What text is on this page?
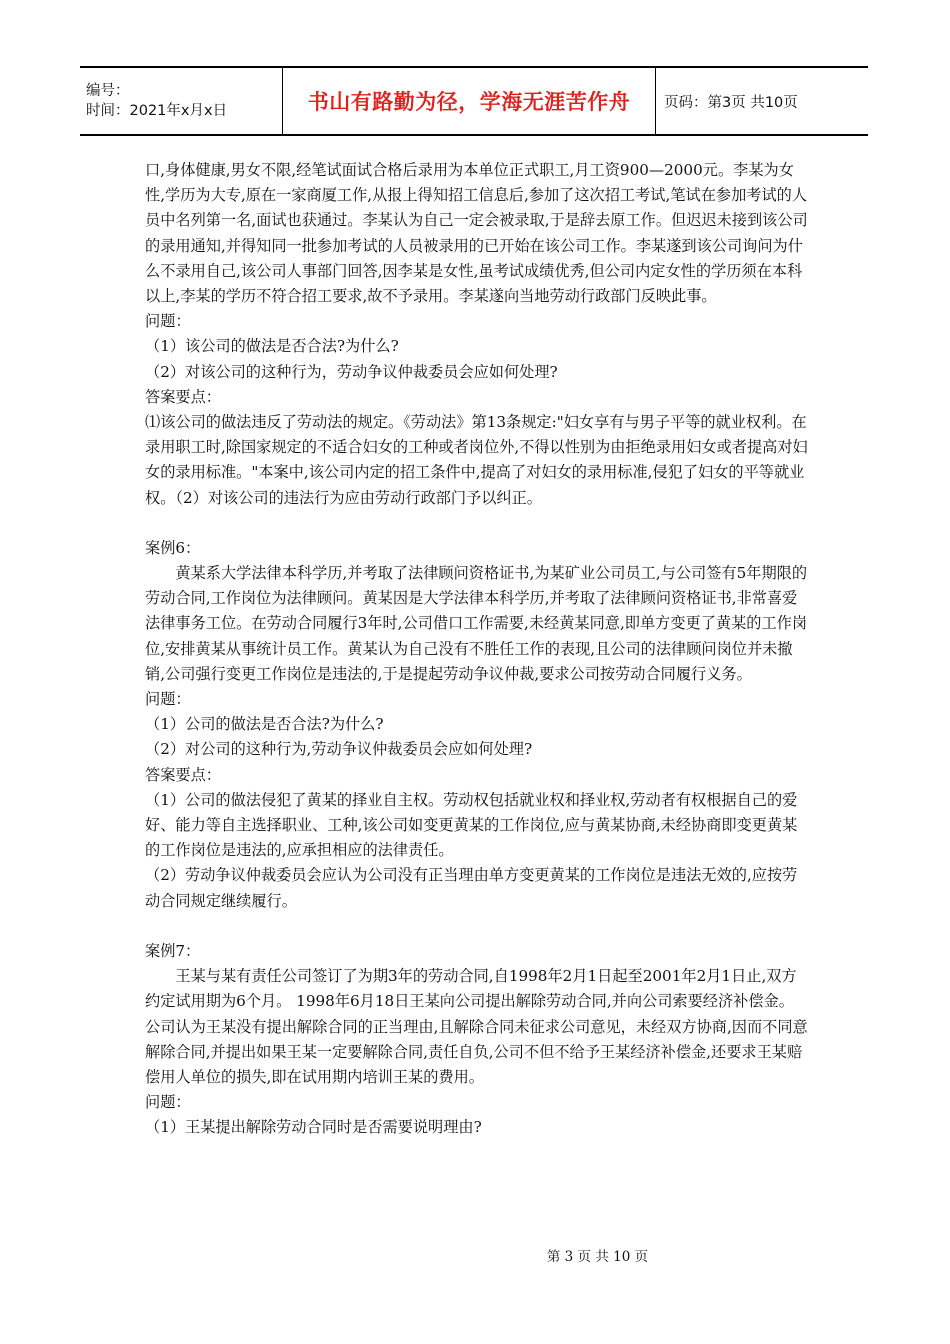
编号：
时间：2021年x月x日	书山有路勤为径，学海无涯苦作舟	页码：第3页 共10页

口,身体健康,男女不限,经笔试面试合格后录用为本单位正式职工,月工资900—2000元。李某为女性,学历为大专,原在一家商厦工作,从报上得知招工信息后,参加了这次招工考试,笔试在参加考试的人员中名列第一名,面试也获通过。李某认为自己一定会被录取,于是辞去原工作。但迟迟未接到该公司的录用通知,并得知同一批参加考试的人员被录用的已开始在该公司工作。李某遂到该公司询问为什么不录用自己,该公司人事部门回答,因李某是女性,虽考试成绩优秀,但公司内定女性的学历须在本科以上,李某的学历不符合招工要求,故不予录用。李某遂向当地劳动行政部门反映此事。

问题：

（1）该公司的做法是否合法?为什么?

（2）对该公司的这种行为，劳动争议仲裁委员会应如何处理?

答案要点：

⑴该公司的做法违反了劳动法的规定。《劳动法》第13条规定:"妇女享有与男子平等的就业权利。在录用职工时,除国家规定的不适合妇女的工种或者岗位外,不得以性别为由拒绝录用妇女或者提高对妇女的录用标准。"本案中,该公司内定的招工条件中,提高了对妇女的录用标准,侵犯了妇女的平等就业权。（2）对该公司的违法行为应由劳动行政部门予以纠正。

案例6：

黄某系大学法律本科学历,并考取了法律顾问资格证书,为某矿业公司员工,与公司签有5年期限的劳动合同,工作岗位为法律顾问。黄某因是大学法律本科学历,并考取了法律顾问资格证书,非常喜爱法律事务工位。在劳动合同履行3年时,公司借口工作需要,未经黄某同意,即单方变更了黄某的工作岗位,安排黄某从事统计员工作。黄某认为自己没有不胜任工作的表现,且公司的法律顾问岗位并未撤销,公司强行变更工作岗位是违法的,于是提起劳动争议仲裁,要求公司按劳动合同履行义务。

问题：

（1）公司的做法是否合法?为什么?

（2）对公司的这种行为,劳动争议仲裁委员会应如何处理?

答案要点：

（1）公司的做法侵犯了黄某的择业自主权。劳动权包括就业权和择业权,劳动者有权根据自己的爱好、能力等自主选择职业、工种,该公司如变更黄某的工作岗位,应与黄某协商,未经协商即变更黄某的工作岗位是违法的,应承担相应的法律责任。

（2）劳动争议仲裁委员会应认为公司没有正当理由单方变更黄某的工作岗位是违法无效的,应按劳动合同规定继续履行。

案例7：

王某与某有责任公司签订了为期3年的劳动合同,自1998年2月1日起至2001年2月1日止,双方约定试用期为6个月。 1998年6月18日王某向公司提出解除劳动合同,并向公司索要经济补偿金。公司认为王某没有提出解除合同的正当理由,且解除合同未征求公司意见，未经双方协商,因而不同意解除合同,并提出如果王某一定要解除合同,责任自负,公司不但不给予王某经济补偿金,还要求王某赔偿用人单位的损失,即在试用期内培训王某的费用。

问题：

（1）王某提出解除劳动合同时是否需要说明理由?

第 3 页 共 10 页
